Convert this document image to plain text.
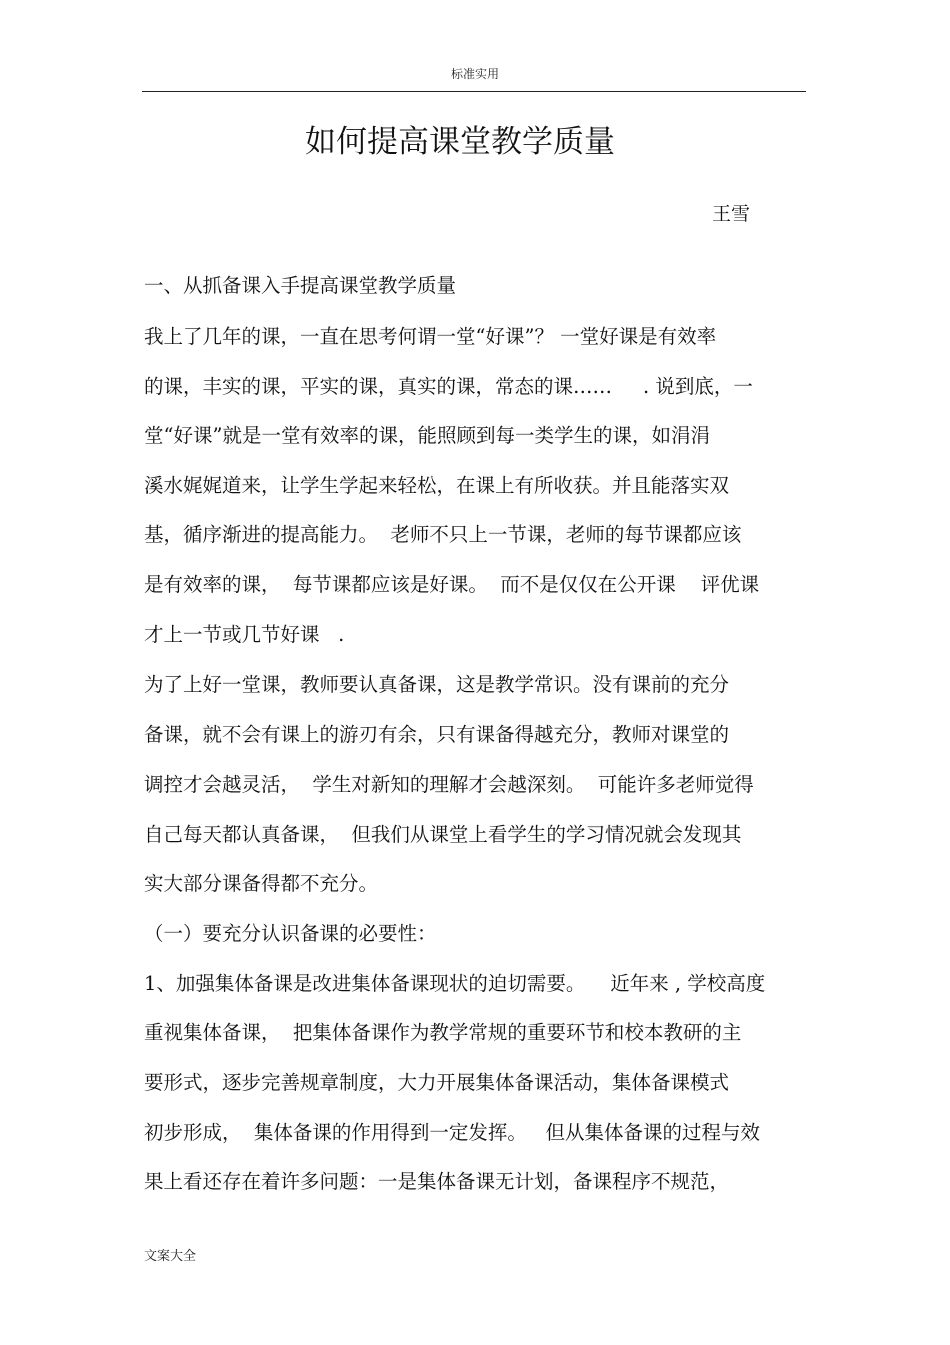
标准实用
如何提高课堂教学质量
王雪
一、从抓备课入手提高课堂教学质量
我上了几年的课，一直在思考何谓一堂“好课”？ 一堂好课是有效率
的课，丰实的课，平实的课，真实的课，常态的课……     . 说到底，一
堂“好课”就是一堂有效率的课，能照顾到每一类学生的课，如涓涓
溪水娓娓道来，让学生学起来轻松，在课上有所收获。并且能落实双
基，循序渐进的提高能力。  老师不只上一节课，老师的每节课都应该
是有效率的课，  每节课都应该是好课。  而不是仅仅在公开课    评优课
才上一节或几节好课   .
为了上好一堂课，教师要认真备课，这是教学常识。没有课前的充分
备课，就不会有课上的游刃有余，只有课备得越充分，教师对课堂的
调控才会越灵活，  学生对新知的理解才会越深刻。  可能许多老师觉得
自己每天都认真备课，  但我们从课堂上看学生的学习情况就会发现其
实大部分课备得都不充分。
（一）要充分认识备课的必要性：
1、加强集体备课是改进集体备课现状的迫切需要。    近年来 , 学校高度
重视集体备课，  把集体备课作为教学常规的重要环节和校本教研的主
要形式，逐步完善规章制度，大力开展集体备课活动，集体备课模式
初步形成，  集体备课的作用得到一定发挥。   但从集体备课的过程与效
果上看还存在着许多问题：一是集体备课无计划，备课程序不规范，
文案大全
